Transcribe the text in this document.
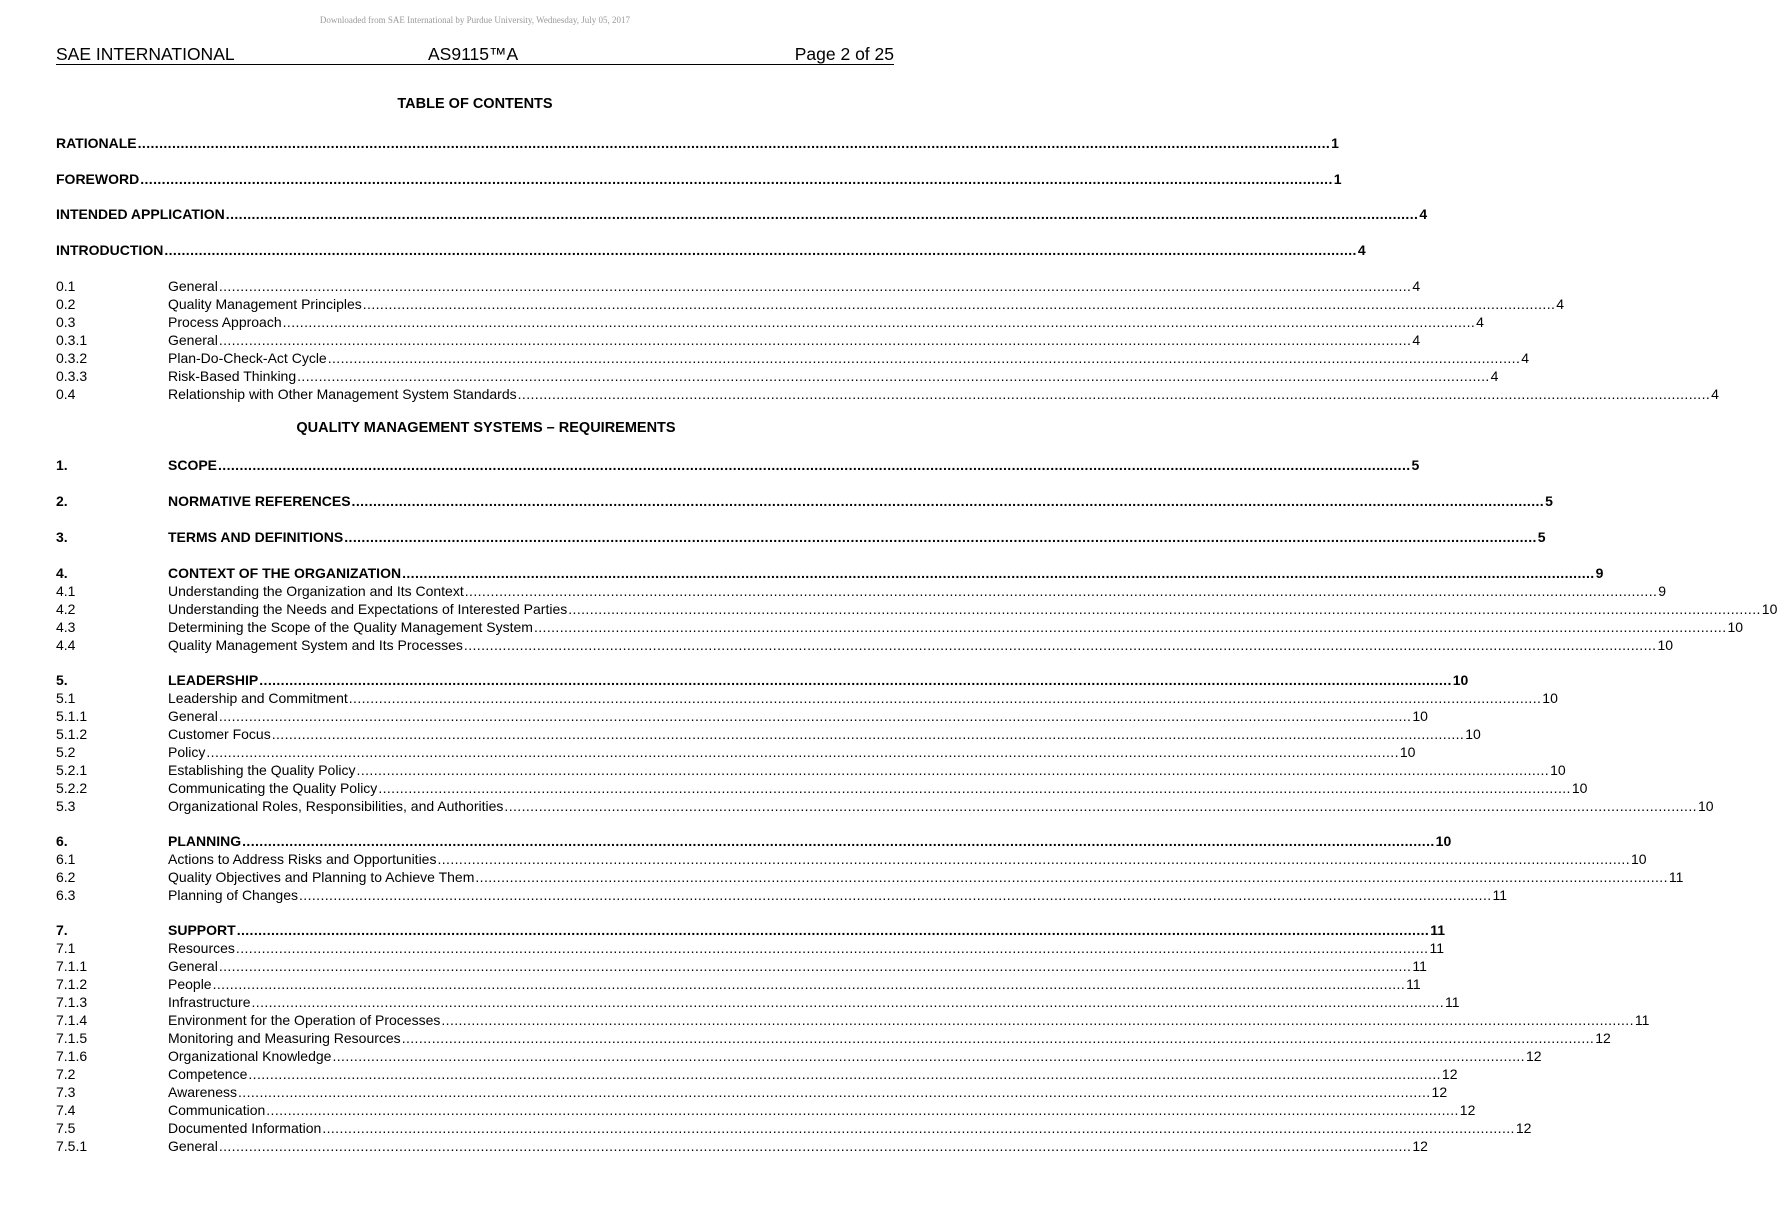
Downloaded from SAE International by Purdue University, Wednesday, July 05, 2017
SAE INTERNATIONAL	AS9115™A	Page 2 of 25
TABLE OF CONTENTS
RATIONALE ...................................................................................................................................................................................................................................................................................... 1
FOREWORD ...................................................................................................................................................................................................................................................................................... 1
INTENDED APPLICATION ...................................................................................................................................................................................................................................................................................... 4
INTRODUCTION ...................................................................................................................................................................................................................................................................................... 4
0.1	General ...................................................................................................................................................................................................................................................................................... 4
0.2	Quality Management Principles ...................................................................................................................................................................................................................................................................................... 4
0.3	Process Approach ...................................................................................................................................................................................................................................................................................... 4
0.3.1	General ...................................................................................................................................................................................................................................................................................... 4
0.3.2	Plan-Do-Check-Act Cycle ...................................................................................................................................................................................................................................................................................... 4
0.3.3	Risk-Based Thinking ...................................................................................................................................................................................................................................................................................... 4
0.4	Relationship with Other Management System Standards ...................................................................................................................................................................................................................................................................................... 4
QUALITY MANAGEMENT SYSTEMS – REQUIREMENTS
1.	SCOPE ...................................................................................................................................................................................................................................................................................... 5
2.	NORMATIVE REFERENCES ...................................................................................................................................................................................................................................................................................... 5
3.	TERMS AND DEFINITIONS ...................................................................................................................................................................................................................................................................................... 5
4.	CONTEXT OF THE ORGANIZATION ...................................................................................................................................................................................................................................................................................... 9
4.1	Understanding the Organization and Its Context ...................................................................................................................................................................................................................................................................................... 9
4.2	Understanding the Needs and Expectations of Interested Parties ...................................................................................................................................................................................................................................................................................... 10
4.3	Determining the Scope of the Quality Management System ...................................................................................................................................................................................................................................................................................... 10
4.4	Quality Management System and Its Processes ...................................................................................................................................................................................................................................................................................... 10
5.	LEADERSHIP ...................................................................................................................................................................................................................................................................................... 10
5.1	Leadership and Commitment ...................................................................................................................................................................................................................................................................................... 10
5.1.1	General ...................................................................................................................................................................................................................................................................................... 10
5.1.2	Customer Focus ...................................................................................................................................................................................................................................................................................... 10
5.2	Policy ...................................................................................................................................................................................................................................................................................... 10
5.2.1	Establishing the Quality Policy ...................................................................................................................................................................................................................................................................................... 10
5.2.2	Communicating the Quality Policy ...................................................................................................................................................................................................................................................................................... 10
5.3	Organizational Roles, Responsibilities, and Authorities ...................................................................................................................................................................................................................................................................................... 10
6.	PLANNING ...................................................................................................................................................................................................................................................................................... 10
6.1	Actions to Address Risks and Opportunities ...................................................................................................................................................................................................................................................................................... 10
6.2	Quality Objectives and Planning to Achieve Them ...................................................................................................................................................................................................................................................................................... 11
6.3	Planning of Changes ...................................................................................................................................................................................................................................................................................... 11
7.	SUPPORT ...................................................................................................................................................................................................................................................................................... 11
7.1	Resources ...................................................................................................................................................................................................................................................................................... 11
7.1.1	General ...................................................................................................................................................................................................................................................................................... 11
7.1.2	People ...................................................................................................................................................................................................................................................................................... 11
7.1.3	Infrastructure ...................................................................................................................................................................................................................................................................................... 11
7.1.4	Environment for the Operation of Processes ...................................................................................................................................................................................................................................................................................... 11
7.1.5	Monitoring and Measuring Resources ...................................................................................................................................................................................................................................................................................... 12
7.1.6	Organizational Knowledge ...................................................................................................................................................................................................................................................................................... 12
7.2	Competence ...................................................................................................................................................................................................................................................................................... 12
7.3	Awareness ...................................................................................................................................................................................................................................................................................... 12
7.4	Communication ...................................................................................................................................................................................................................................................................................... 12
7.5	Documented Information ...................................................................................................................................................................................................................................................................................... 12
7.5.1	General ...................................................................................................................................................................................................................................................................................... 12
